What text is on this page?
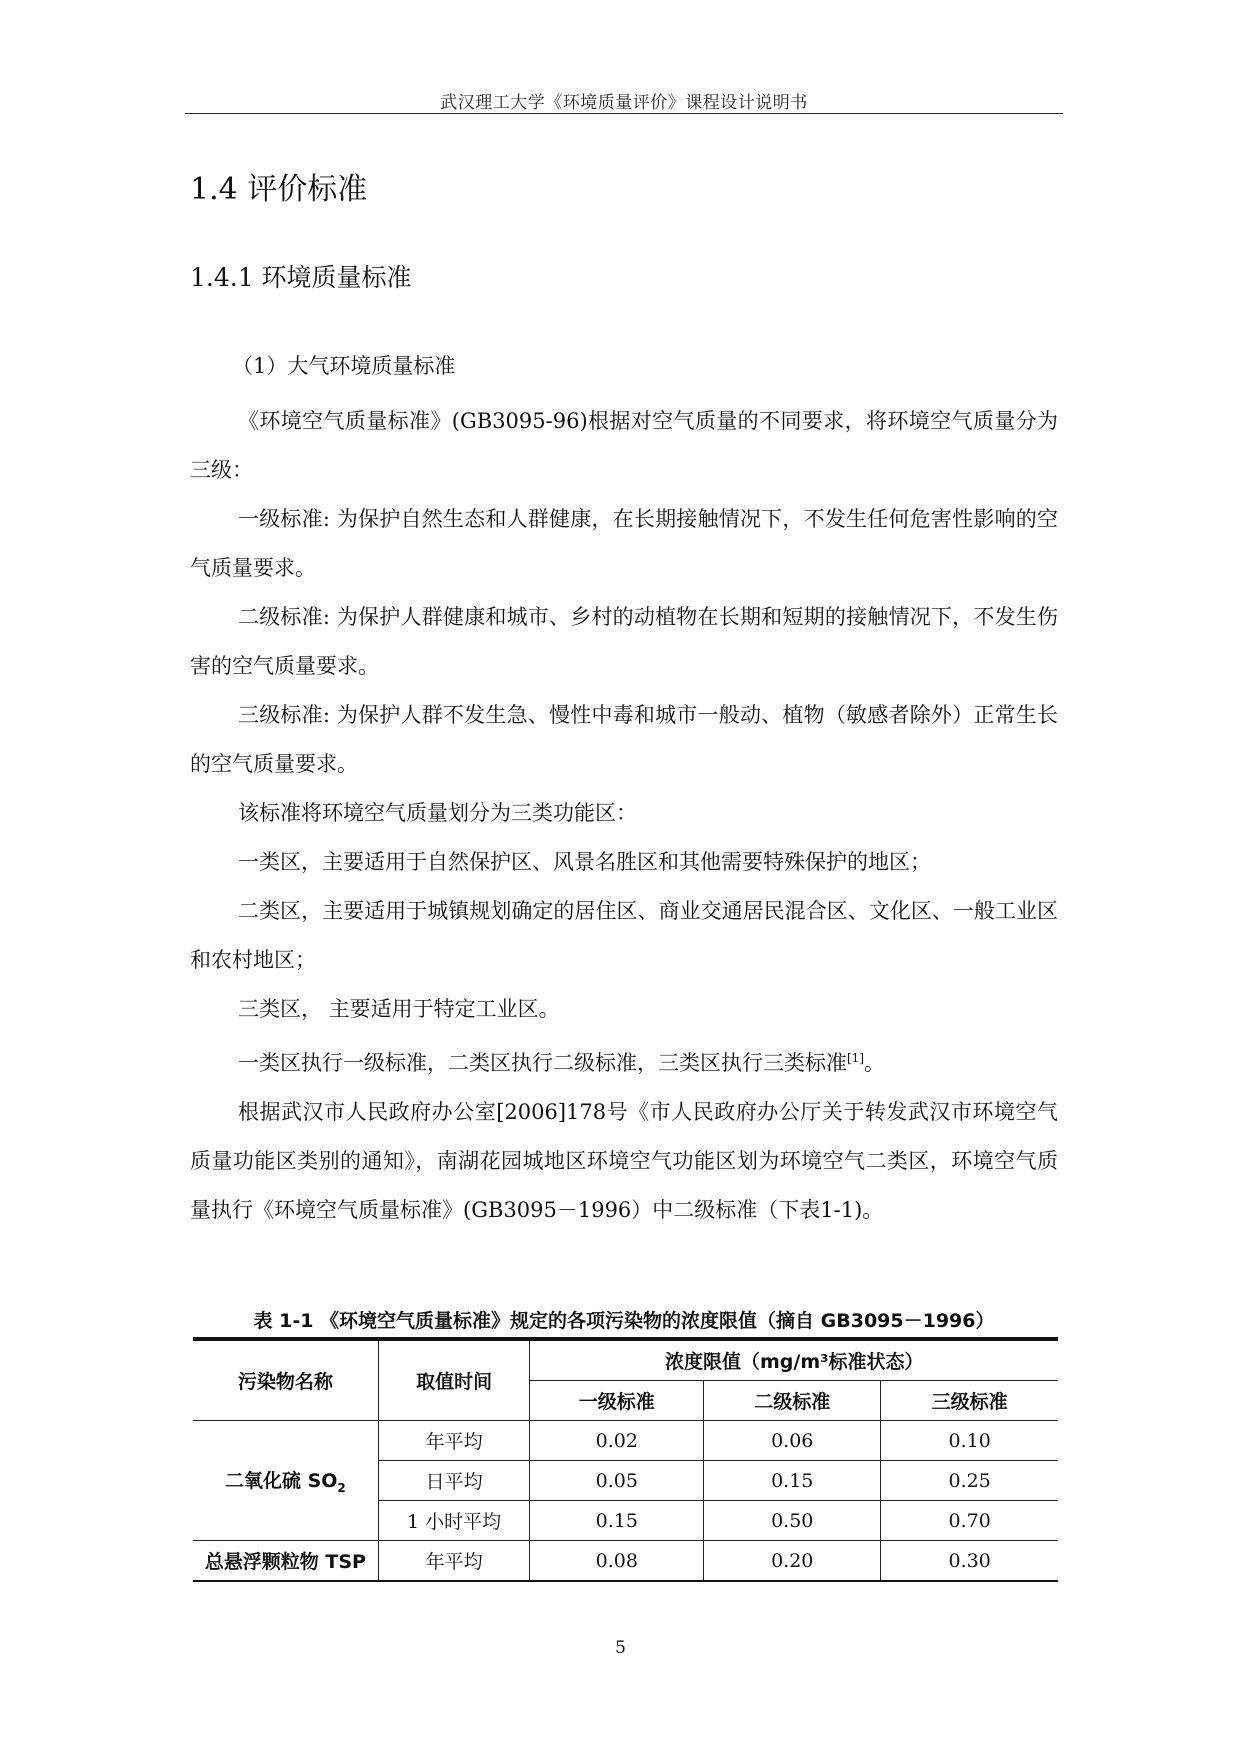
武汉理工大学《环境质量评价》课程设计说明书
1.4 评价标准
1.4.1 环境质量标准

（1）大气环境质量标准

《环境空气质量标准》(GB3095-96)根据对空气质量的不同要求，将环境空气质量分为三级：

一级标准: 为保护自然生态和人群健康，在长期接触情况下，不发生任何危害性影响的空气质量要求。

二级标准: 为保护人群健康和城市、乡村的动植物在长期和短期的接触情况下，不发生伤害的空气质量要求。

三级标准: 为保护人群不发生急、慢性中毒和城市一般动、植物（敏感者除外）正常生长的空气质量要求。

该标准将环境空气质量划分为三类功能区：

一类区，主要适用于自然保护区、风景名胜区和其他需要特殊保护的地区；

二类区，主要适用于城镇规划确定的居住区、商业交通居民混合区、文化区、一般工业区和农村地区；

三类区， 主要适用于特定工业区。

一类区执行一级标准，二类区执行二级标准，三类区执行三类标准[1]。

根据武汉市人民政府办公室[2006]178号《市人民政府办公厅关于转发武汉市环境空气质量功能区类别的通知》，南湖花园城地区环境空气功能区划为环境空气二类区，环境空气质量执行《环境空气质量标准》(GB3095－1996）中二级标准（下表1-1)。

表 1-1 《环境空气质量标准》规定的各项污染物的浓度限值（摘自 GB3095－1996）
污染物名称	取值时间	浓度限值（mg/m³标准状态）		
		一级标准	二级标准	三级标准
二氧化硫 $SO_2$	年平均	0.02	0.06	0.10
	日平均	0.05	0.15	0.25
	1 小时平均	0.15	0.50	0.70
总悬浮颗粒物 TSP	年平均	0.08	0.20	0.30
5
